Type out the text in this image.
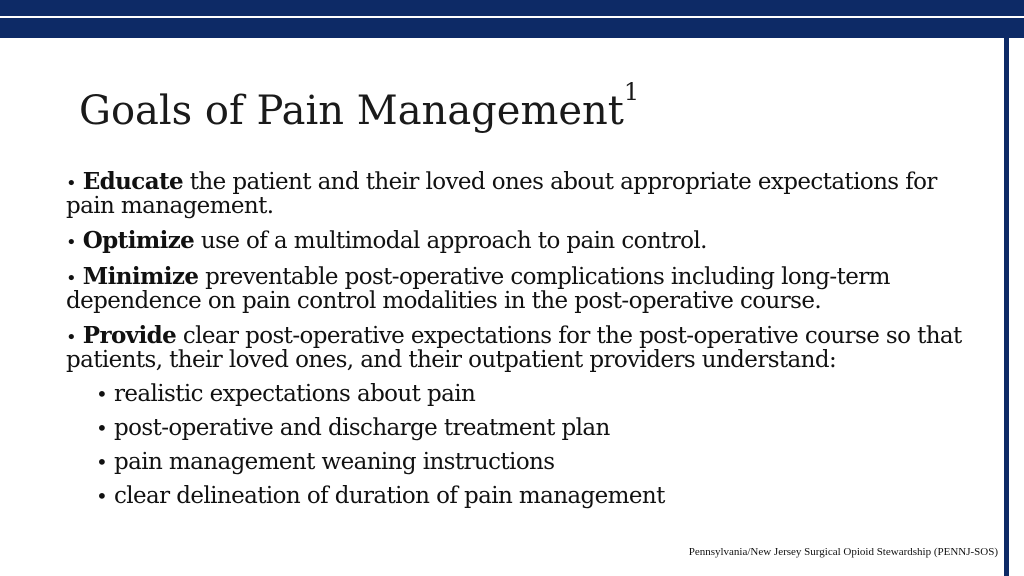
Goals of Pain Management$^1$
• Educate the patient and their loved ones about appropriate expectations for pain management.
• Optimize use of a multimodal approach to pain control.
• Minimize preventable post-operative complications including long-term dependence on pain control modalities in the post-operative course.
• Provide clear post-operative expectations for the post-operative course so that patients, their loved ones, and their outpatient providers understand:
• realistic expectations about pain
• post-operative and discharge treatment plan
• pain management weaning instructions
• clear delineation of duration of pain management
Pennsylvania/New Jersey Surgical Opioid Stewardship (PENNJ-SOS)
